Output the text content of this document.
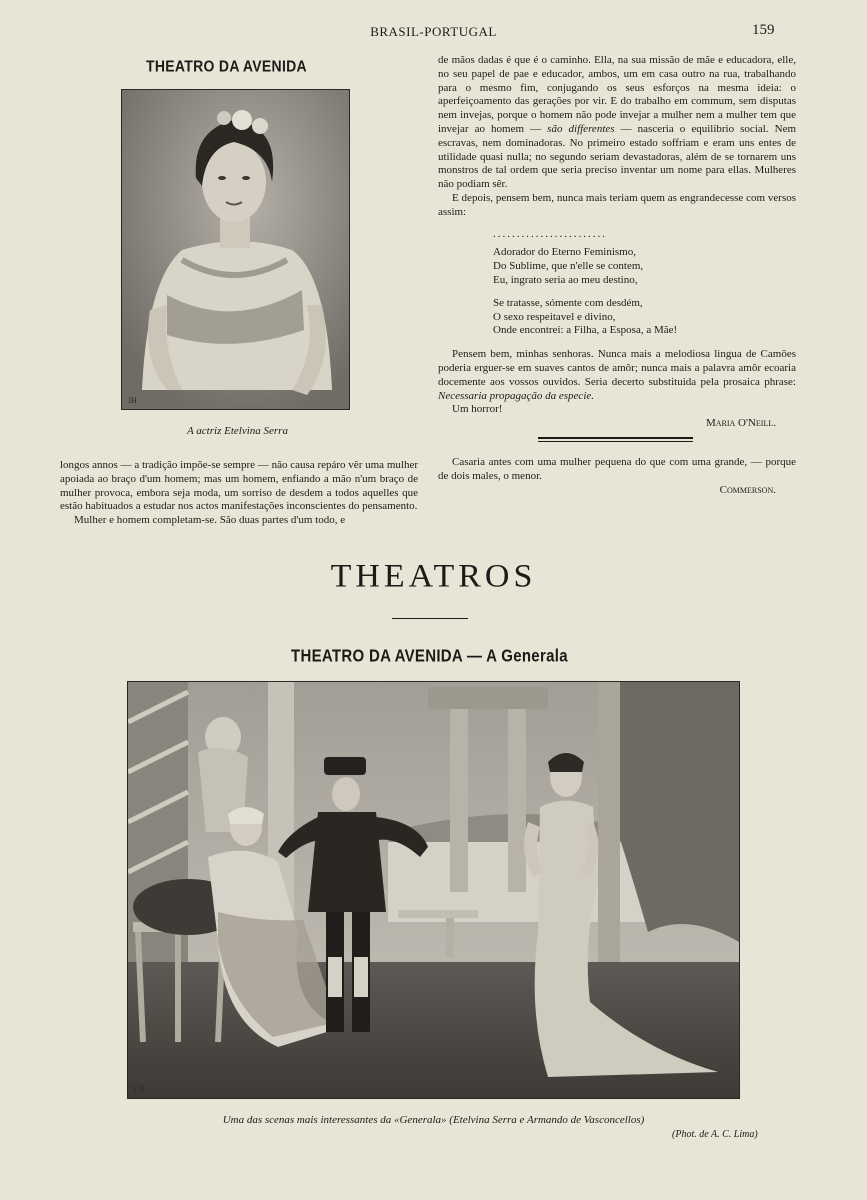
BRASIL-PORTUGAL	159
THEATRO DA AVENIDA
JH
A actriz Etelvina Serra

longos annos — a tradição impõe-se sempre — não causa repáro vêr uma mulher apoiada ao braço d'um homem; mas um homem, enfiando a mão n'um braço de mulher provoca, embora seja moda, um sorriso de desdem a todos aquelles que estão habituados a estudar nos actos manifestações inconscientes do pensamento.

Mulher e homem completam-se. São duas partes d'um todo, e

de mãos dadas é que é o caminho. Ella, na sua missão de mãe e educadora, elle, no seu papel de pae e educador, ambos, um em casa outro na rua, trabalhando para o mesmo fim, conjugando os seus esforços na mesma ideia: o aperfeiçoamento das gerações por vir. E do trabalho em commum, sem disputas nem invejas, porque o homem não pode invejar a mulher nem a mulher tem que invejar ao homem — são differentes — nasceria o equilibrio social. Nem escravas, nem dominadoras. No primeiro estado soffriam e eram uns entes de utilidade quasi nulla; no segundo seriam devastadoras, além de se tornarem uns monstros de tal ordem que seria preciso inventar um nome para ellas. Mulheres não podiam sêr.

E depois, pensem bem, nunca mais teriam quem as engrandecesse com versos assim:

........................
Adorador do Eterno Feminismo,
Do Sublime, que n'elle se contem,
Eu, ingrato seria ao meu destino,
Se tratasse, sómente com desdém,
O sexo respeitavel e divino,
Onde encontrei: a Filha, a Esposa, a Mãe!

Pensem bem, minhas senhoras. Nunca mais a melodiosa lingua de Camões poderia erguer-se em suaves cantos de amôr; nunca mais a palavra amôr ecoaria docemente aos vossos ouvidos. Seria decerto substituida pela prosaica phrase: Necessaria propagação da especie.

Um horror!

Maria O'Neill.

Casaria antes com uma mulher pequena do que com uma grande, — porque de dois males, o menor.

Commerson.

THEATROS
THEATRO DA AVENIDA — A Generala
J.N.
Uma das scenas mais interessantes da «Generala» (Etelvina Serra e Armando de Vasconcellos)
(Phot. de A. C. Lima)
